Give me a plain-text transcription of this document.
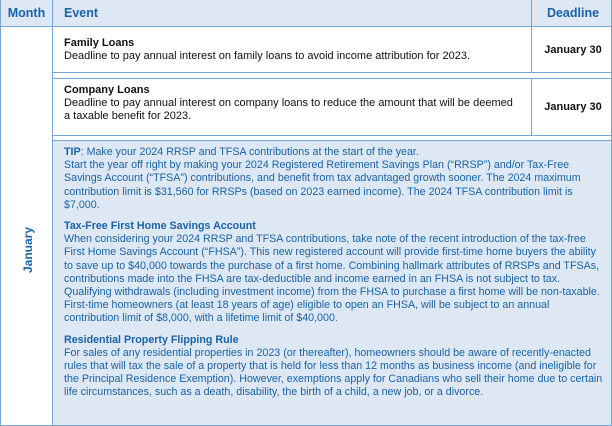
Month	Event	Deadline
January
Family Loans
Deadline to pay annual interest on family loans to avoid income attribution for 2023.
January 30
Company Loans
Deadline to pay annual interest on company loans to reduce the amount that will be deemed a taxable benefit for 2023.
January 30
TIP: Make your 2024 RRSP and TFSA contributions at the start of the year.
Start the year off right by making your 2024 Registered Retirement Savings Plan (“RRSP”) and/or Tax-Free Savings Account (“TFSA”) contributions, and benefit from tax advantaged growth sooner. The 2024 maximum contribution limit is $31,560 for RRSPs (based on 2023 earned income). The 2024 TFSA contribution limit is $7,000.
Tax-Free First Home Savings Account
When considering your 2024 RRSP and TFSA contributions, take note of the recent introduction of the tax-free First Home Savings Account (“FHSA”). This new registered account will provide first-time home buyers the ability to save up to $40,000 towards the purchase of a first home. Combining hallmark attributes of RRSPs and TFSAs, contributions made into the FHSA are tax-deductible and income earned in an FHSA is not subject to tax. Qualifying withdrawals (including investment income) from the FHSA to purchase a first home will be non-taxable. First-time homeowners (at least 18 years of age) eligible to open an FHSA, will be subject to an annual contribution limit of $8,000, with a lifetime limit of $40,000.
Residential Property Flipping Rule
For sales of any residential properties in 2023 (or thereafter), homeowners should be aware of recently-enacted rules that will tax the sale of a property that is held for less than 12 months as business income (and ineligible for the Principal Residence Exemption). However, exemptions apply for Canadians who sell their home due to certain life circumstances, such as a death, disability, the birth of a child, a new job, or a divorce.
